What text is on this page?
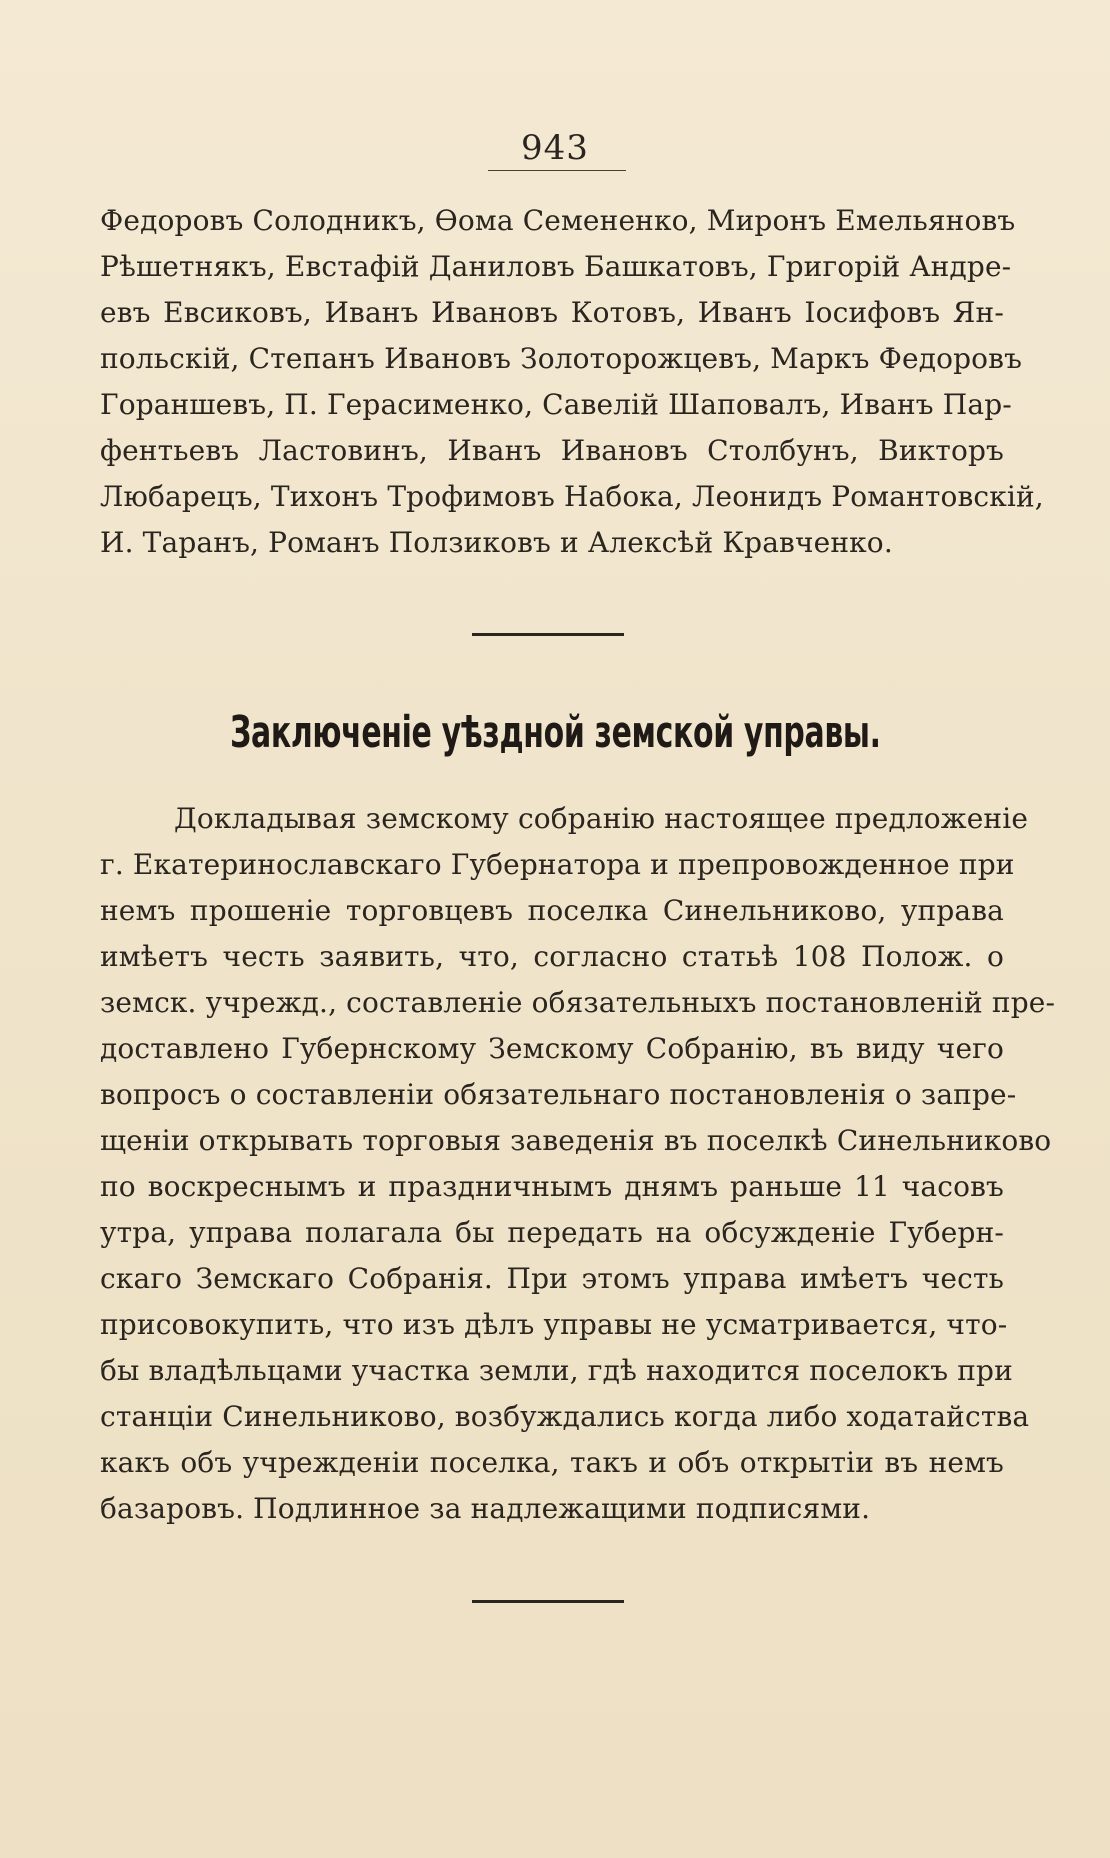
943
Федоровъ Солодникъ, Ѳома Семененко, Миронъ Емельяновъ
Рѣшетнякъ, Евстафій Даниловъ Башкатовъ, Григорій Андре-
евъ Евсиковъ, Иванъ Ивановъ Котовъ, Иванъ Іосифовъ Ян-
польскій, Степанъ Ивановъ Золоторожцевъ, Маркъ Федоровъ
Гораншевъ, П. Герасименко, Савелій Шаповалъ, Иванъ Пар-
фентьевъ Ластовинъ, Иванъ Ивановъ Столбунъ, Викторъ
Любарецъ, Тихонъ Трофимовъ Набока, Леонидъ Романтовскій,
И. Таранъ, Романъ Ползиковъ и Алексѣй Кравченко.
Заключеніе уѣздной земской управы.
Докладывая земскому собранію настоящее предложеніе
г. Екатеринославскаго Губернатора и препровожденное при
немъ прошеніе торговцевъ поселка Синельниково, управа
имѣетъ честь заявить, что, согласно статьѣ 108 Полож. о
земск. учрежд., составленіе обязательныхъ постановленій пре-
доставлено Губернскому Земскому Собранію, въ виду чего
вопросъ о составленіи обязательнаго постановленія о запре-
щеніи открывать торговыя заведенія въ поселкѣ Синельниково
по воскреснымъ и праздничнымъ днямъ раньше 11 часовъ
утра, управа полагала бы передать на обсужденіе Губерн-
скаго Земскаго Собранія. При этомъ управа имѣетъ честь
присовокупить, что изъ дѣлъ управы не усматривается, что-
бы владѣльцами участка земли, гдѣ находится поселокъ при
станціи Синельниково, возбуждались когда либо ходатайства
какъ объ учрежденіи поселка, такъ и объ открытіи въ немъ
базаровъ. Подлинное за надлежащими подписями.
